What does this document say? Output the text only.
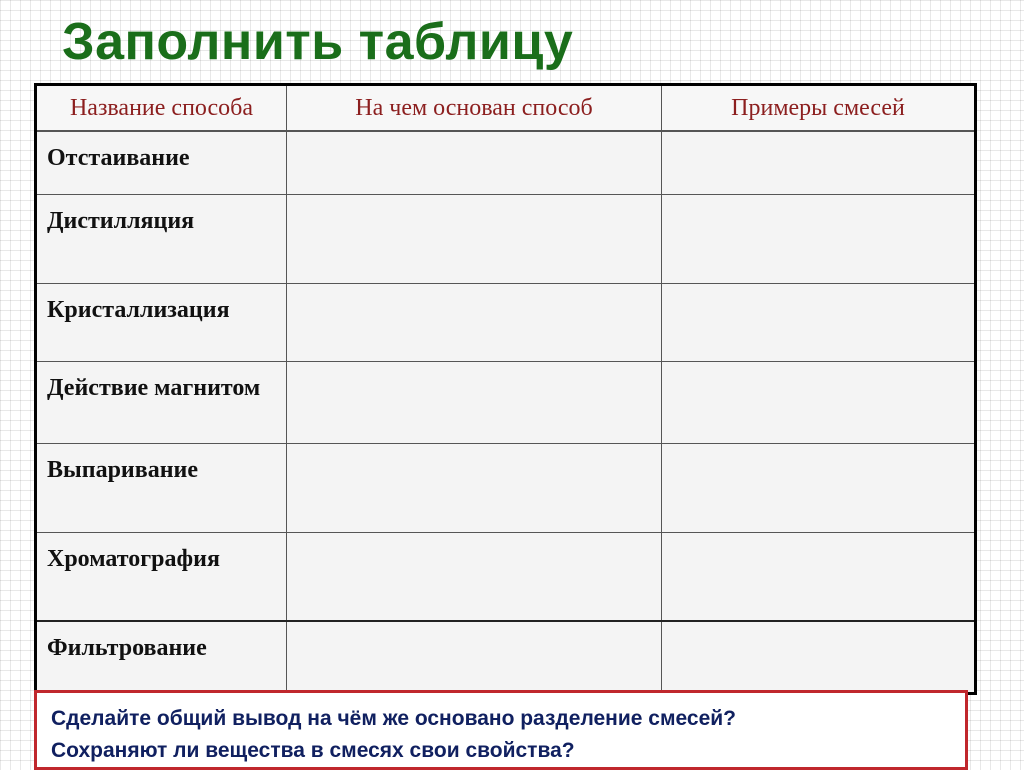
Заполнить таблицу
Название способа	На чем основан способ	Примеры смесей

Отстаивание		

Дистилляция		

Кристаллизация		

Действие магнитом		

Выпаривание		

Хроматография		

Фильтрование		

Сделайте общий вывод на чём же основано разделение смесей?

Сохраняют ли вещества в смесях свои свойства?
